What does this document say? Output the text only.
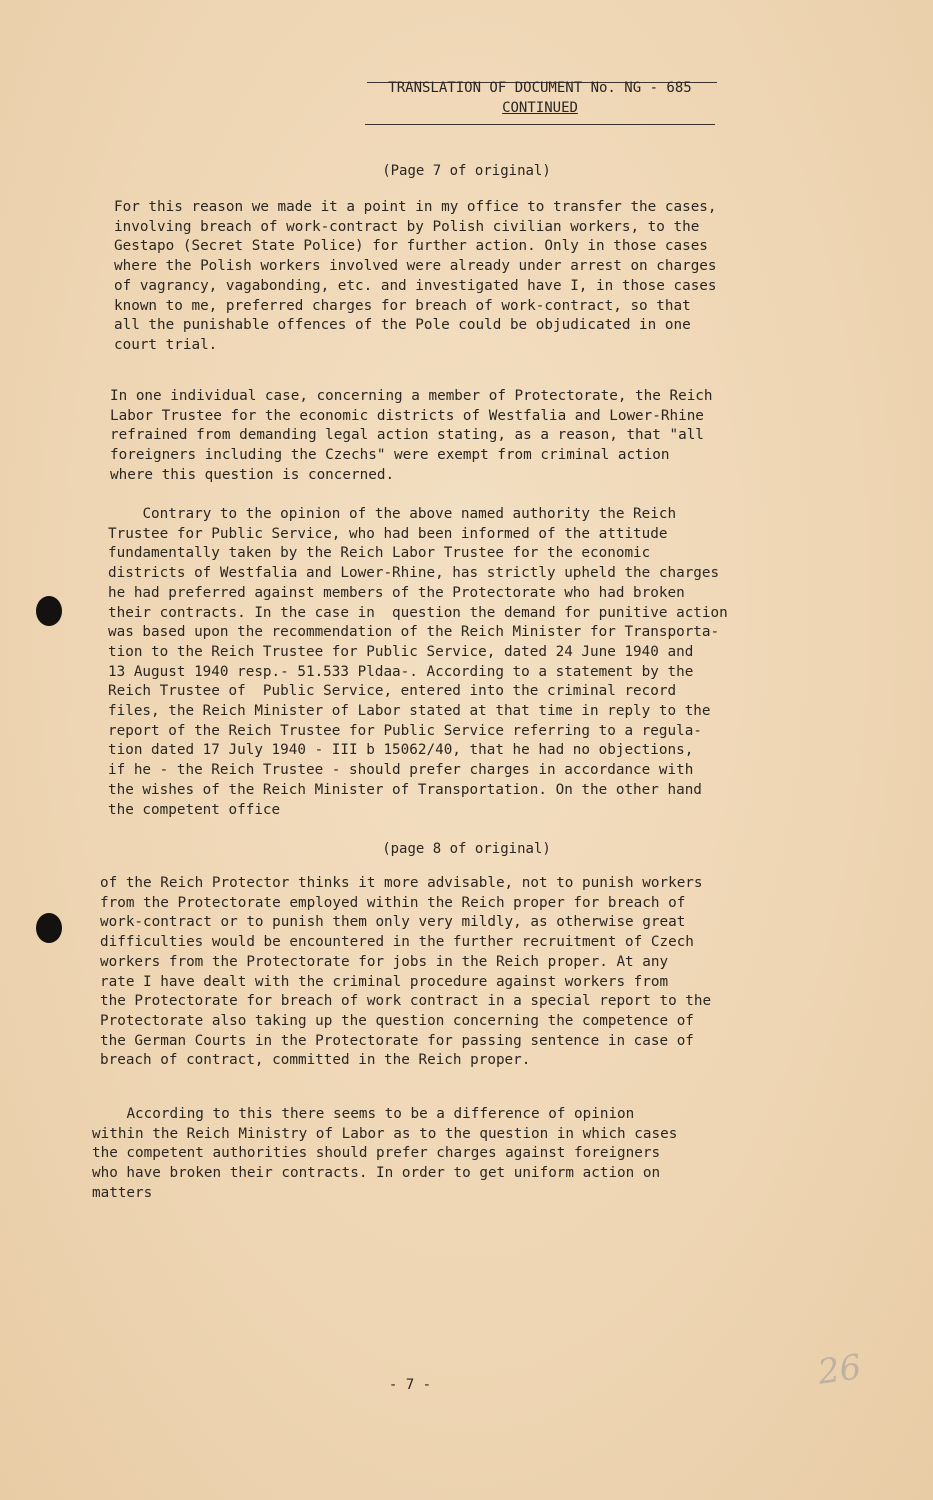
TRANSLATION OF DOCUMENT No. NG - 685
CONTINUED
(Page 7 of original)

For this reason we made it a point in my office to transfer the cases,
involving breach of work-contract by Polish civilian workers, to the
Gestapo (Secret State Police) for further action. Only in those cases
where the Polish workers involved were already under arrest on charges
of vagrancy, vagabonding, etc. and investigated have I, in those cases
known to me, preferred charges for breach of work-contract, so that
all the punishable offences of the Pole could be objudicated in one
court trial.

In one individual case, concerning a member of Protectorate, the Reich
Labor Trustee for the economic districts of Westfalia and Lower-Rhine
refrained from demanding legal action stating, as a reason, that "all
foreigners including the Czechs" were exempt from criminal action
where this question is concerned.

Contrary to the opinion of the above named authority the Reich
Trustee for Public Service, who had been informed of the attitude
fundamentally taken by the Reich Labor Trustee for the economic
districts of Westfalia and Lower-Rhine, has strictly upheld the charges
he had preferred against members of the Protectorate who had broken
their contracts. In the case in  question the demand for punitive action
was based upon the recommendation of the Reich Minister for Transporta-
tion to the Reich Trustee for Public Service, dated 24 June 1940 and
13 August 1940 resp.- 51.533 Pldaa-. According to a statement by the
Reich Trustee of  Public Service, entered into the criminal record
files, the Reich Minister of Labor stated at that time in reply to the
report of the Reich Trustee for Public Service referring to a regula-
tion dated 17 July 1940 - III b 15062/40, that he had no objections,
if he - the Reich Trustee - should prefer charges in accordance with
the wishes of the Reich Minister of Transportation. On the other hand
the competent office

(page 8 of original)

of the Reich Protector thinks it more advisable, not to punish workers
from the Protectorate employed within the Reich proper for breach of
work-contract or to punish them only very mildly, as otherwise great
difficulties would be encountered in the further recruitment of Czech
workers from the Protectorate for jobs in the Reich proper. At any
rate I have dealt with the criminal procedure against workers from
the Protectorate for breach of work contract in a special report to the
Protectorate also taking up the question concerning the competence of
the German Courts in the Protectorate for passing sentence in case of
breach of contract, committed in the Reich proper.

According to this there seems to be a difference of opinion
within the Reich Ministry of Labor as to the question in which cases
the competent authorities should prefer charges against foreigners
who have broken their contracts. In order to get uniform action on
matters

- 7 -	26
